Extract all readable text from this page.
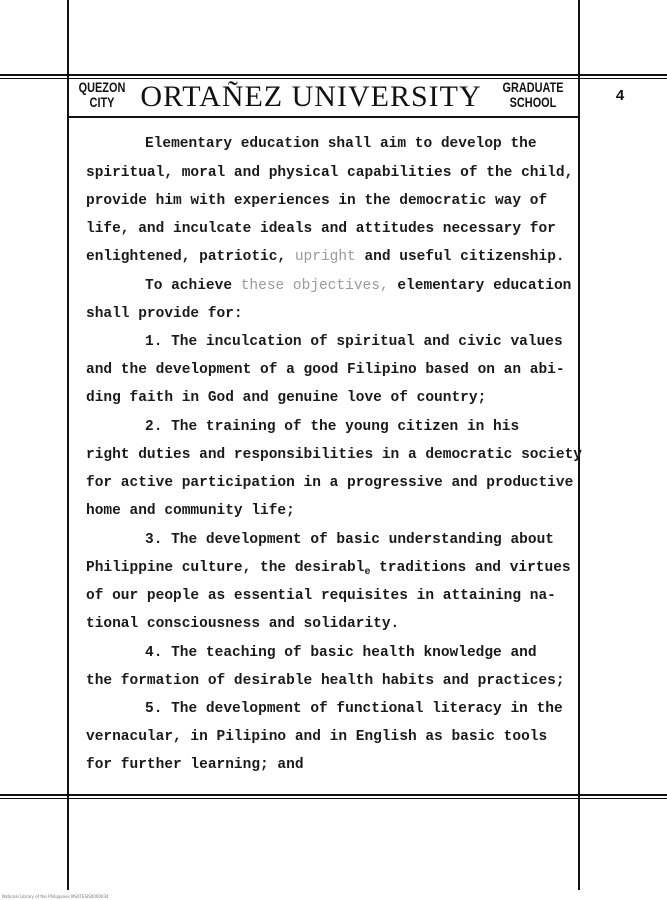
QUEZON
CITY ORTAÑEZ UNIVERSITY	GRADUATE
SCHOOL	4
Elementary education shall aim to develop the
spiritual, moral and physical capabilities of the child,
provide him with experiences in the democratic way of
life, and inculcate ideals and attitudes necessary for
enlightened, patriotic, upright and useful citizenship.
To achieve these objectives, elementary education
shall provide for:
1. The inculcation of spiritual and civic values
and the development of a good Filipino based on an abi-
ding faith in God and genuine love of country;
2. The training of the young citizen in his
right duties and responsibilities in a democratic society
for active participation in a progressive and productive
home and community life;
3. The development of basic understanding about
Philippine culture, the desirabl$_e$ traditions and virtues
of our people as essential requisites in attaining na-
tional consciousness and solidarity.
4. The teaching of basic health knowledge and
the formation of desirable health habits and practices;
5. The development of functional literacy in the
vernacular, in Pilipino and in English as basic tools
for further learning; and
National Library of the Philippines MS0TESIS0000034
